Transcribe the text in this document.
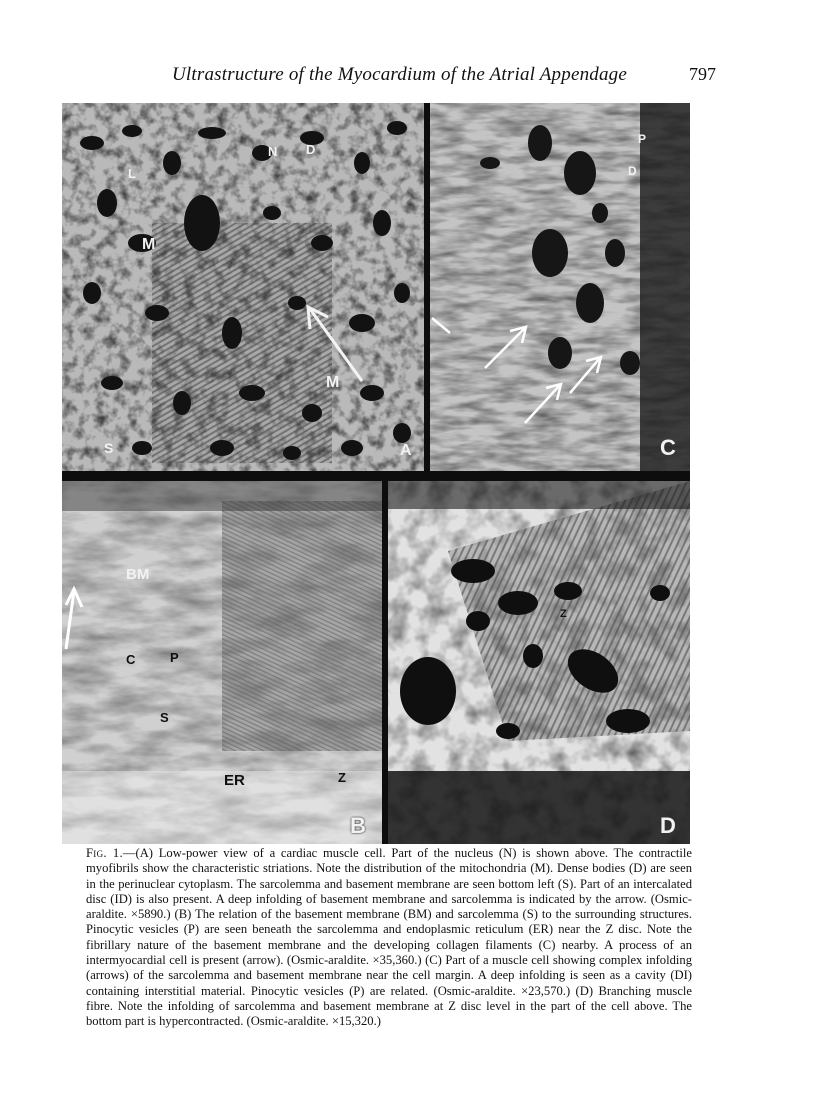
Ultrastructure of the Myocardium of the Atrial Appendage	797
N D
L
M
M
S	A
P
D
C
BM
C	P
S
ER	Z
B
Z
D
Fig. 1.—(A) Low-power view of a cardiac muscle cell. Part of the nucleus (N) is shown above. The contractile myofibrils show the characteristic striations. Note the distribution of the mitochondria (M). Dense bodies (D) are seen in the perinuclear cytoplasm. The sarcolemma and basement membrane are seen bottom left (S). Part of an intercalated disc (ID) is also present. A deep infolding of basement membrane and sarcolemma is indicated by the arrow. (Osmic-araldite. ×5890.) (B) The relation of the basement membrane (BM) and sarcolemma (S) to the surrounding structures. Pinocytic vesicles (P) are seen beneath the sarcolemma and endoplasmic reticulum (ER) near the Z disc. Note the fibrillary nature of the basement membrane and the developing collagen filaments (C) nearby. A process of an intermyocardial cell is present (arrow). (Osmic-araldite. ×35,360.) (C) Part of a muscle cell showing complex infolding (arrows) of the sarcolemma and basement membrane near the cell margin. A deep infolding is seen as a cavity (DI) containing interstitial material. Pinocytic vesicles (P) are related. (Osmic-araldite. ×23,570.) (D) Branching muscle fibre. Note the infolding of sarcolemma and basement membrane at Z disc level in the part of the cell above. The bottom part is hypercontracted. (Osmic-araldite. ×15,320.)
